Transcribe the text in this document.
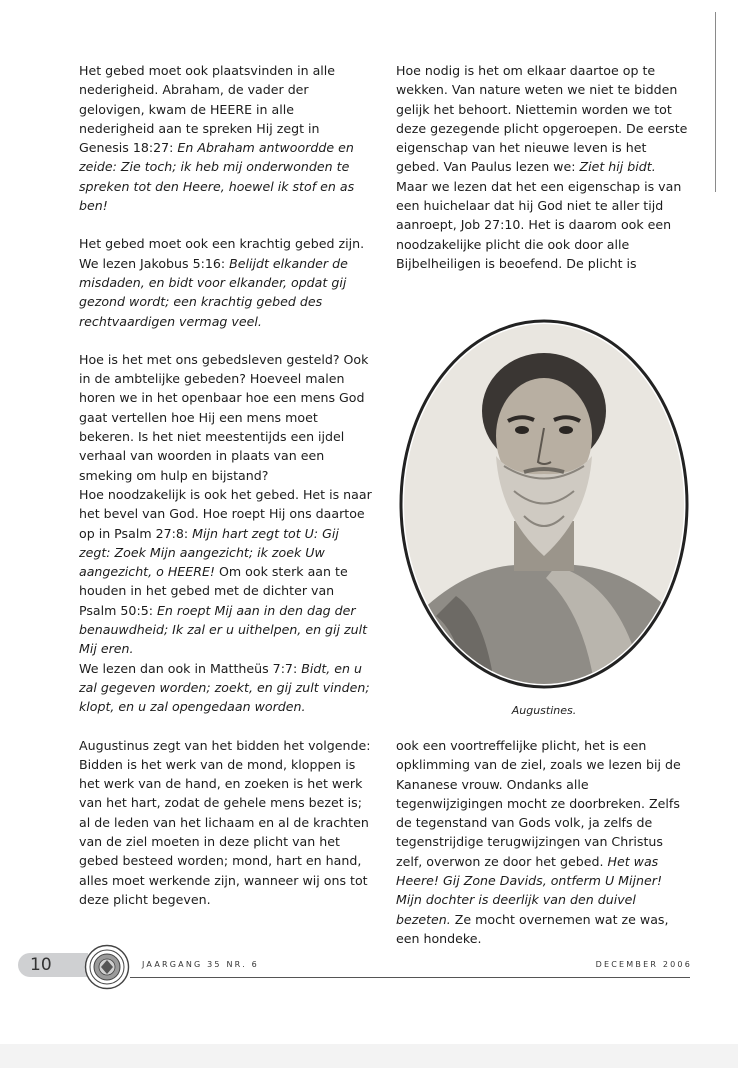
Het gebed moet ook plaatsvinden in alle nederigheid. Abraham, de vader der gelovigen, kwam de HEERE in alle nederigheid aan te spreken Hij zegt in Genesis 18:27: En Abraham antwoordde en zeide: Zie toch; ik heb mij onderwonden te spreken tot den Heere, hoewel ik stof en as ben!

Het gebed moet ook een krachtig gebed zijn. We lezen Jakobus 5:16: Belijdt elkander de misdaden, en bidt voor elkander, opdat gij gezond wordt; een krachtig gebed des rechtvaardigen vermag veel.

Hoe is het met ons gebedsleven gesteld? Ook in de ambtelijke gebeden? Hoeveel malen horen we in het openbaar hoe een mens God gaat vertellen hoe Hij een mens moet bekeren. Is het niet meestentijds een ijdel verhaal van woorden in plaats van een smeking om hulp en bijstand?

Hoe noodzakelijk is ook het gebed. Het is naar het bevel van God. Hoe roept Hij ons daartoe op in Psalm 27:8: Mijn hart zegt tot U: Gij zegt: Zoek Mijn aangezicht; ik zoek Uw aangezicht, o HEERE! Om ook sterk aan te houden in het gebed met de dichter van Psalm 50:5: En roept Mij aan in den dag der benauwdheid; Ik zal er u uithelpen, en gij zult Mij eren.

We lezen dan ook in Mattheüs 7:7: Bidt, en u zal gegeven worden; zoekt, en gij zult vinden; klopt, en u zal opengedaan worden.

Augustinus zegt van het bidden het volgende: Bidden is het werk van de mond, kloppen is het werk van de hand, en zoeken is het werk van het hart, zodat de gehele mens bezet is; al de leden van het lichaam en al de krachten van de ziel moeten in deze plicht van het gebed besteed worden; mond, hart en hand, alles moet werkende zijn, wanneer wij ons tot deze plicht begeven.

Hoe nodig is het om elkaar daartoe op te wekken. Van nature weten we niet te bidden gelijk het behoort. Niettemin worden we tot deze gezegende plicht opgeroepen. De eerste eigenschap van het nieuwe leven is het gebed. Van Paulus lezen we: Ziet hij bidt.

Maar we lezen dat het een eigenschap is van een huichelaar dat hij God niet te aller tijd aanroept, Job 27:10. Het is daarom ook een noodzakelijke plicht die ook door alle Bijbelheiligen is beoefend. De plicht is

Augustines.

ook een voortreffelijke plicht, het is een opklimming van de ziel, zoals we lezen bij de Kananese vrouw. Ondanks alle tegenwijzigingen mocht ze doorbreken. Zelfs de tegenstand van Gods volk, ja zelfs de tegenstrijdige terugwijzingen van Christus zelf, overwon ze door het gebed. Het was Heere! Gij Zone Davids, ontferm U Mijner! Mijn dochter is deerlijk van den duivel bezeten. Ze mocht overnemen wat ze was, een hondeke.

10	JAARGANG 35 NR. 6	DECEMBER 2006
